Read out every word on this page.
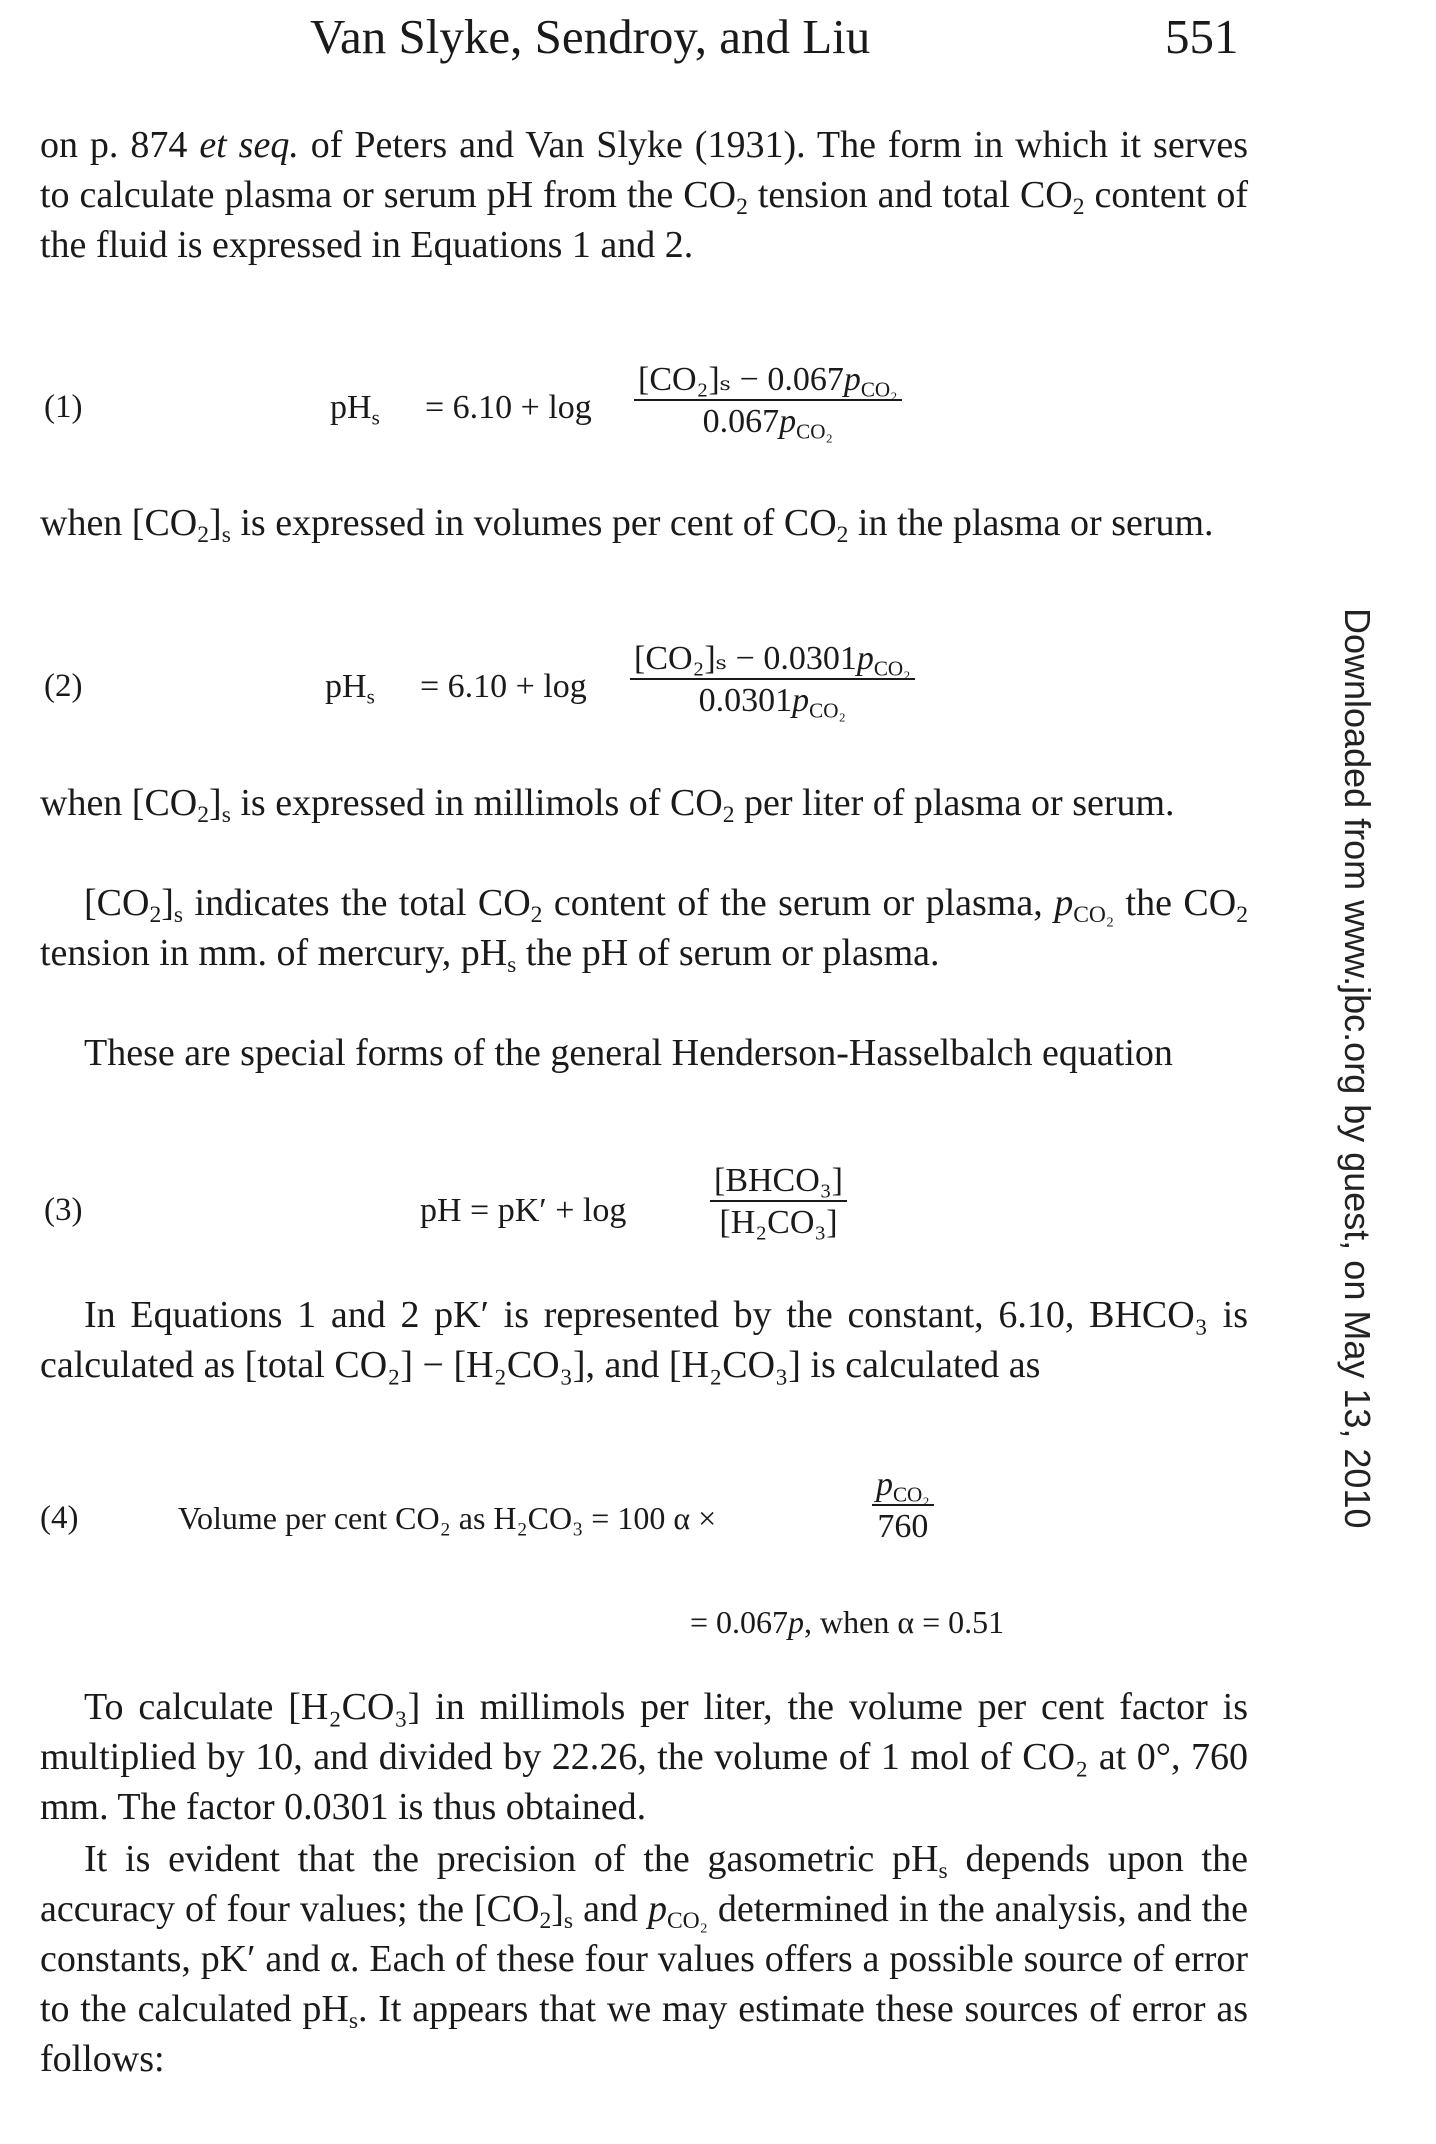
Van Slyke, Sendroy, and Liu	551

on p. 874 et seq. of Peters and Van Slyke (1931). The form in which it serves to calculate plasma or serum pH from the $CO_2$ tension and total $CO_2$ content of the fluid is expressed in Equations 1 and 2.

(1)	$pH_s = 6.10 + \log$
$[CO_2]_s - 0.067p_{CO_2}$
$0.067p_{CO_2}$

when $[CO_2]_s$ is expressed in volumes per cent of $CO_2$ in the plasma or serum.

(2)	$pH_s = 6.10 + \log$
$[CO_2]_s - 0.0301p_{CO_2}$
$0.0301p_{CO_2}$

when $[CO_2]_s$ is expressed in millimols of $CO_2$ per liter of plasma or serum.

$[CO_2]_s$ indicates the total $CO_2$ content of the serum or plasma, $p_{CO_2}$ the $CO_2$ tension in mm. of mercury, $pH_s$ the pH of serum or plasma.

These are special forms of the general Henderson-Hasselbalch equation

(3)	pH = pK′ + log
[BHCO₃]
[H₂CO₃]

In Equations 1 and 2 pK′ is represented by the constant, 6.10, BHCO₃ is calculated as [total CO₂] − [H₂CO₃], and [H₂CO₃] is calculated as

(4)	Volume per cent CO₂ as H₂CO₃ = 100 α ×
$p_{CO_2}$
760
= 0.067p, when α = 0.51

To calculate [H₂CO₃] in millimols per liter, the volume per cent factor is multiplied by 10, and divided by 22.26, the volume of 1 mol of CO₂ at 0°, 760 mm. The factor 0.0301 is thus obtained.

It is evident that the precision of the gasometric $pH_s$ depends upon the accuracy of four values; the $[CO_2]_s$ and $p_{CO_2}$ determined in the analysis, and the constants, pK′ and α. Each of these four values offers a possible source of error to the calculated $pH_s$. It appears that we may estimate these sources of error as follows:

Downloaded from www.jbc.org by guest, on May 13, 2010
